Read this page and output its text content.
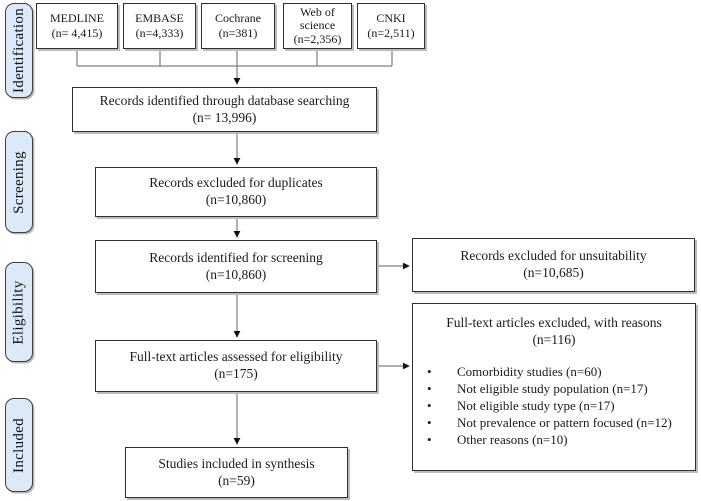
Identification
Screening
Eligibility
Included
MEDLINE
(n= 4,415)
EMBASE
(n=4,333)
Cochrane
(n=381)
Web of science
(n=2,356)
CNKI
(n=2,511)
Records identified through database searching
(n= 13,996)
Records excluded for duplicates
(n=10,860)
Records identified for screening
(n=10,860)
Full-text articles assessed for eligibility
(n=175)
Studies included in synthesis
(n=59)
Records excluded for unsuitability
(n=10,685)
Full-text articles excluded, with reasons
(n=116)
•	Comorbidity studies (n=60)
•	Not eligible study population (n=17)
•	Not eligible study type (n=17)
•	Not prevalence or pattern focused (n=12)
•	Other reasons (n=10)
